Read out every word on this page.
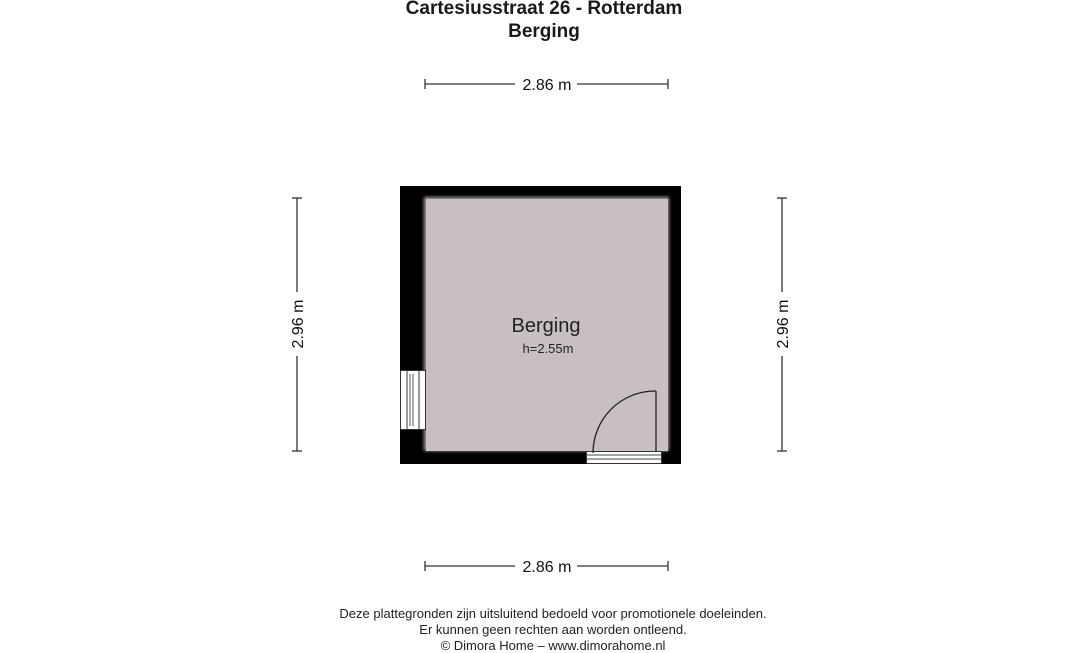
Cartesiusstraat 26 - Rotterdam
Berging
2.86 m
2.86 m
2.96 m	2.96 m
Berging
h=2.55m
Deze plattegronden zijn uitsluitend bedoeld voor promotionele doeleinden.
Er kunnen geen rechten aan worden ontleend.
© Dimora Home – www.dimorahome.nl
